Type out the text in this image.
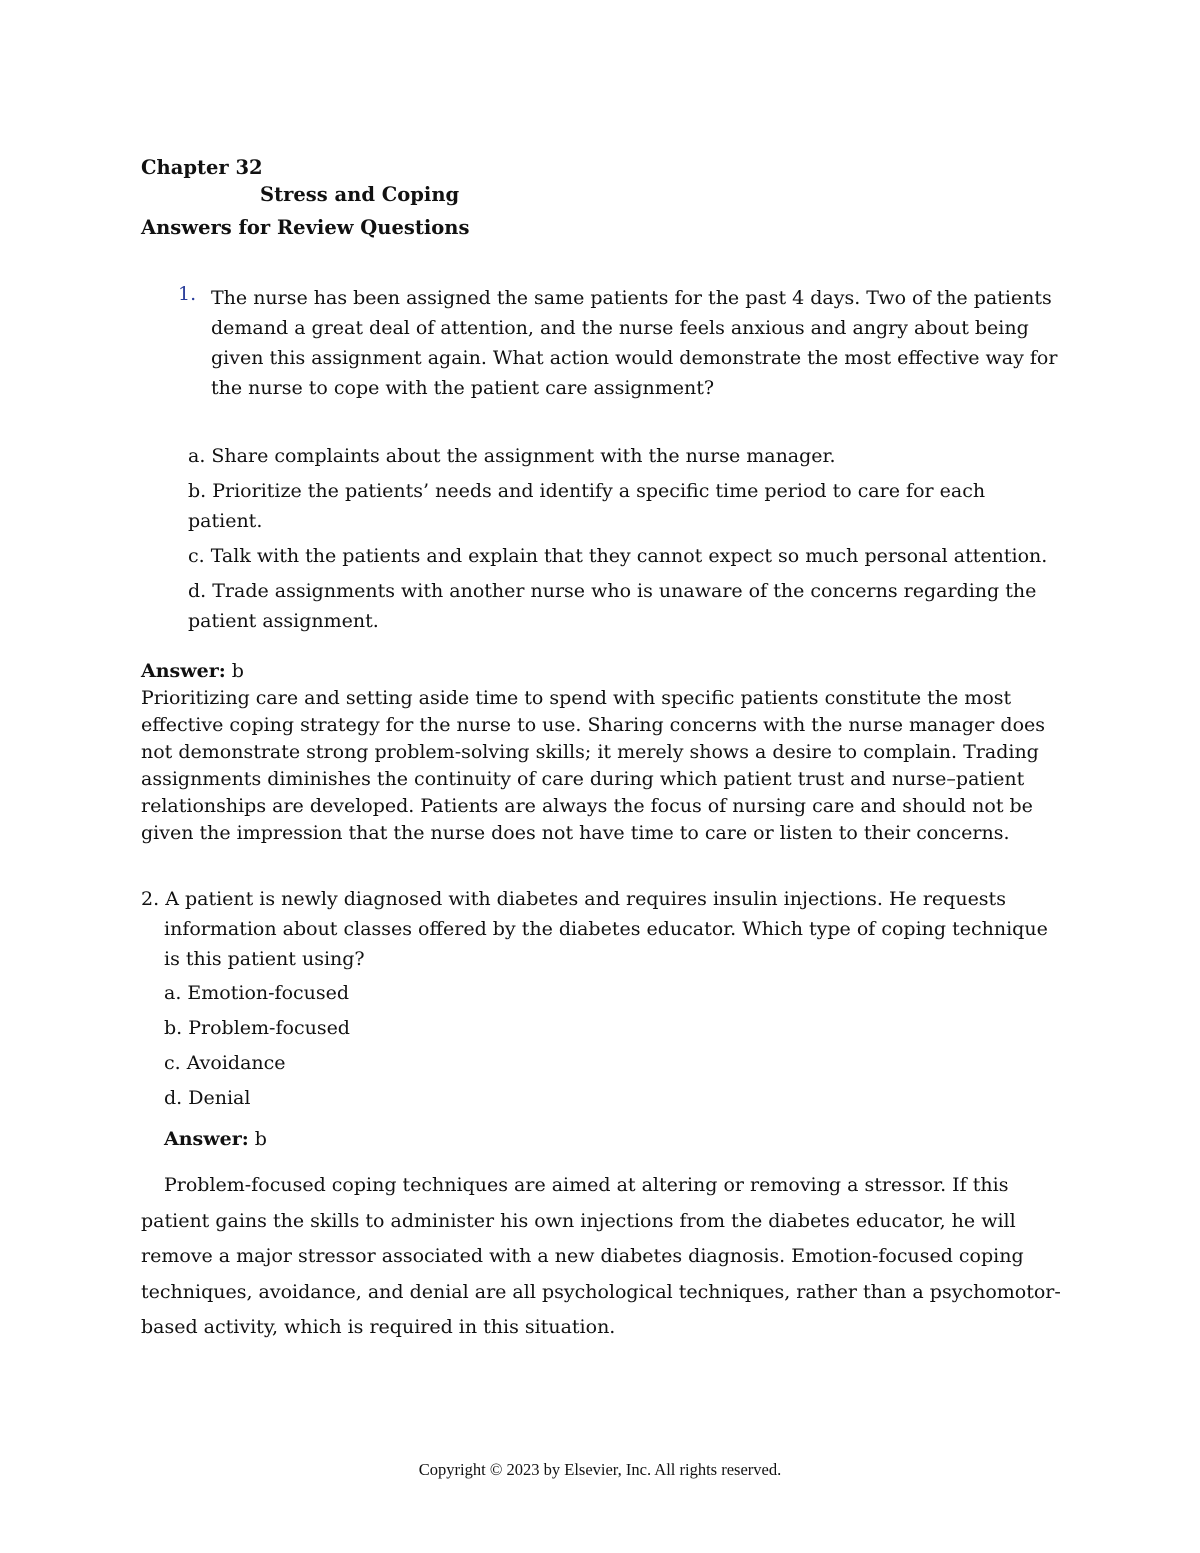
Chapter 32
Stress and Coping
Answers for Review Questions
1. The nurse has been assigned the same patients for the past 4 days. Two of the patients demand a great deal of attention, and the nurse feels anxious and angry about being given this assignment again. What action would demonstrate the most effective way for the nurse to cope with the patient care assignment?
a. Share complaints about the assignment with the nurse manager.
b. Prioritize the patients’ needs and identify a specific time period to care for each patient.
c. Talk with the patients and explain that they cannot expect so much personal attention.
d. Trade assignments with another nurse who is unaware of the concerns regarding the patient assignment.
Answer: b
Prioritizing care and setting aside time to spend with specific patients constitute the most effective coping strategy for the nurse to use. Sharing concerns with the nurse manager does not demonstrate strong problem-solving skills; it merely shows a desire to complain. Trading assignments diminishes the continuity of care during which patient trust and nurse–patient relationships are developed. Patients are always the focus of nursing care and should not be given the impression that the nurse does not have time to care or listen to their concerns.
2. A patient is newly diagnosed with diabetes and requires insulin injections. He requests
information about classes offered by the diabetes educator. Which type of coping technique is this patient using?
a. Emotion-focused
b. Problem-focused
c. Avoidance
d. Denial
Answer: b
Problem-focused coping techniques are aimed at altering or removing a stressor. If this patient gains the skills to administer his own injections from the diabetes educator, he will remove a major stressor associated with a new diabetes diagnosis. Emotion-focused coping techniques, avoidance, and denial are all psychological techniques, rather than a psychomotor-based activity, which is required in this situation.
Copyright © 2023 by Elsevier, Inc. All rights reserved.
